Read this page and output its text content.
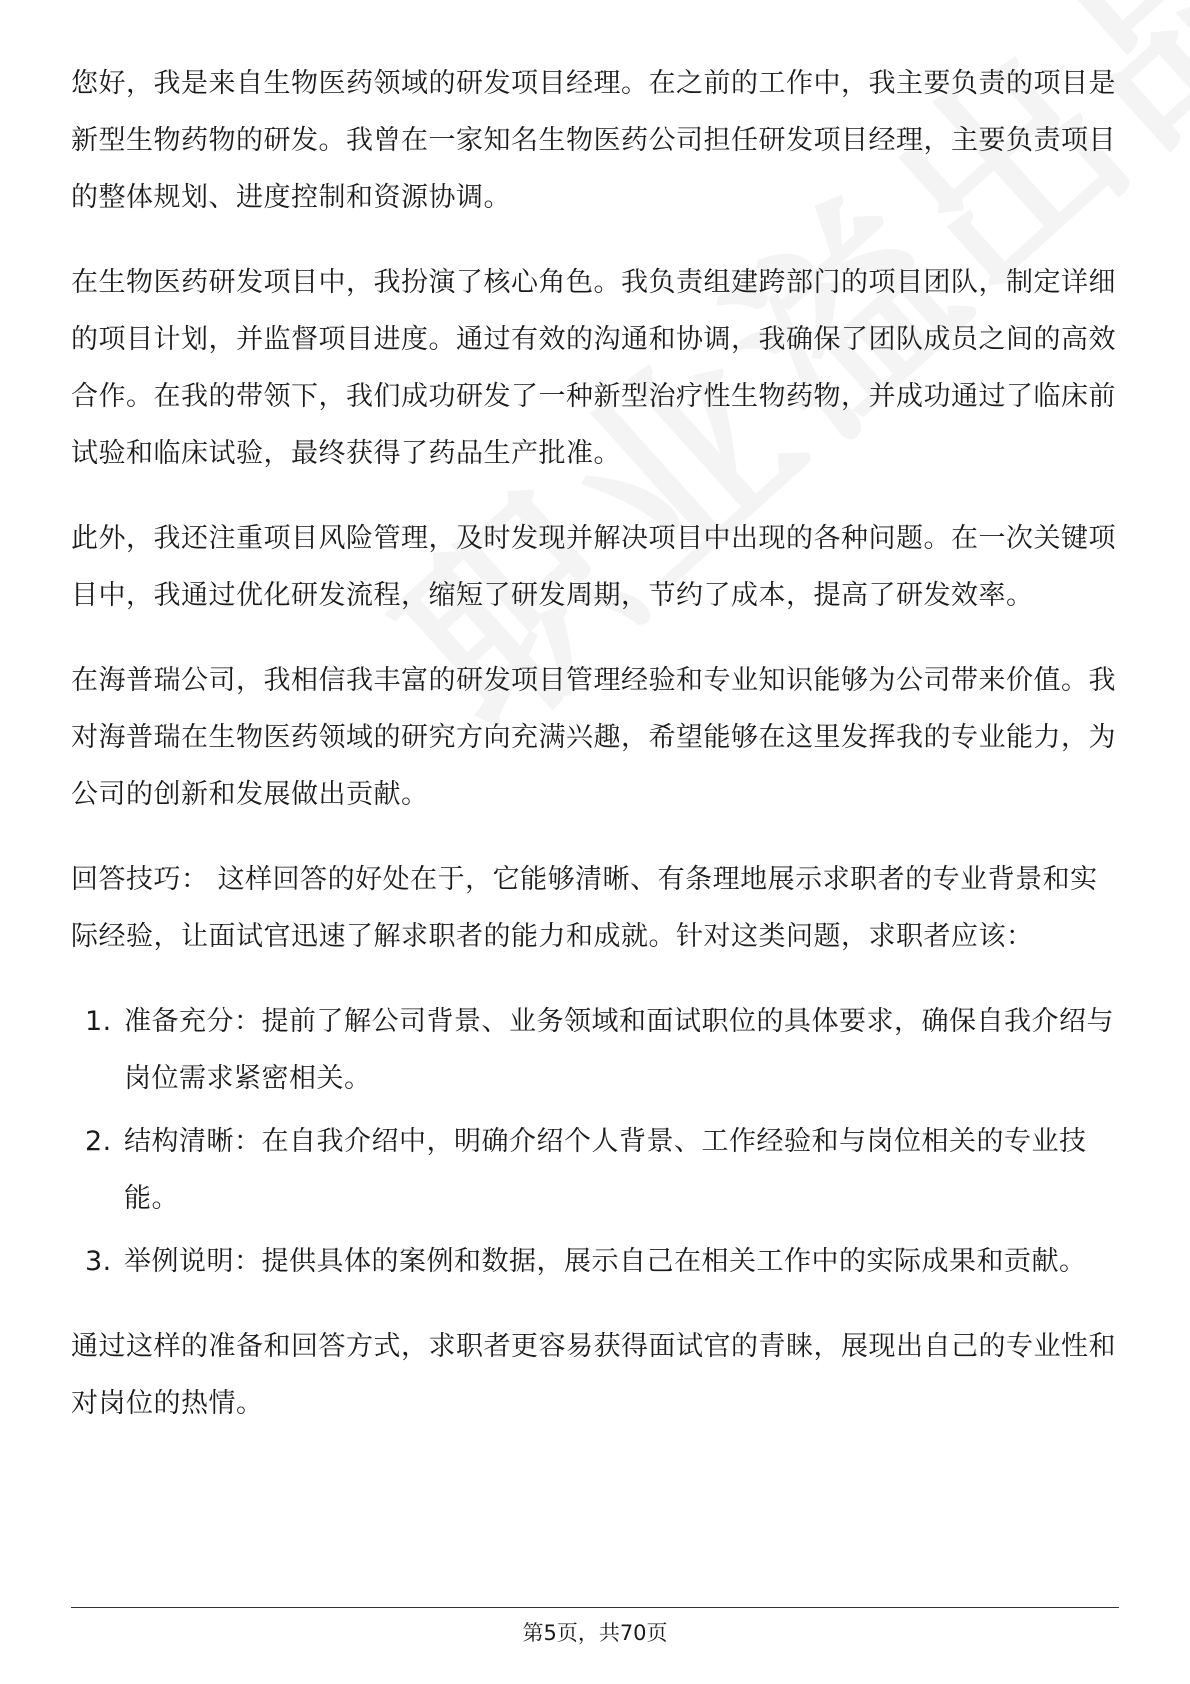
您好，我是来自生物医药领域的研发项目经理。在之前的工作中，我主要负责的项目是新型生物药物的研发。我曾在一家知名生物医药公司担任研发项目经理，主要负责项目的整体规划、进度控制和资源协调。

在生物医药研发项目中，我扮演了核心角色。我负责组建跨部门的项目团队，制定详细的项目计划，并监督项目进度。通过有效的沟通和协调，我确保了团队成员之间的高效合作。在我的带领下，我们成功研发了一种新型治疗性生物药物，并成功通过了临床前试验和临床试验，最终获得了药品生产批准。

此外，我还注重项目风险管理，及时发现并解决项目中出现的各种问题。在一次关键项目中，我通过优化研发流程，缩短了研发周期，节约了成本，提高了研发效率。

在海普瑞公司，我相信我丰富的研发项目管理经验和专业知识能够为公司带来价值。我对海普瑞在生物医药领域的研究方向充满兴趣，希望能够在这里发挥我的专业能力，为公司的创新和发展做出贡献。

回答技巧： 这样回答的好处在于，它能够清晰、有条理地展示求职者的专业背景和实际经验，让面试官迅速了解求职者的能力和成就。针对这类问题，求职者应该：

1. 准备充分：提前了解公司背景、业务领域和面试职位的具体要求，确保自我介绍与岗位需求紧密相关。
2. 结构清晰：在自我介绍中，明确介绍个人背景、工作经验和与岗位相关的专业技能。
3. 举例说明：提供具体的案例和数据，展示自己在相关工作中的实际成果和贡献。

通过这样的准备和回答方式，求职者更容易获得面试官的青睐，展现出自己的专业性和对岗位的热情。

第5页，共70页
